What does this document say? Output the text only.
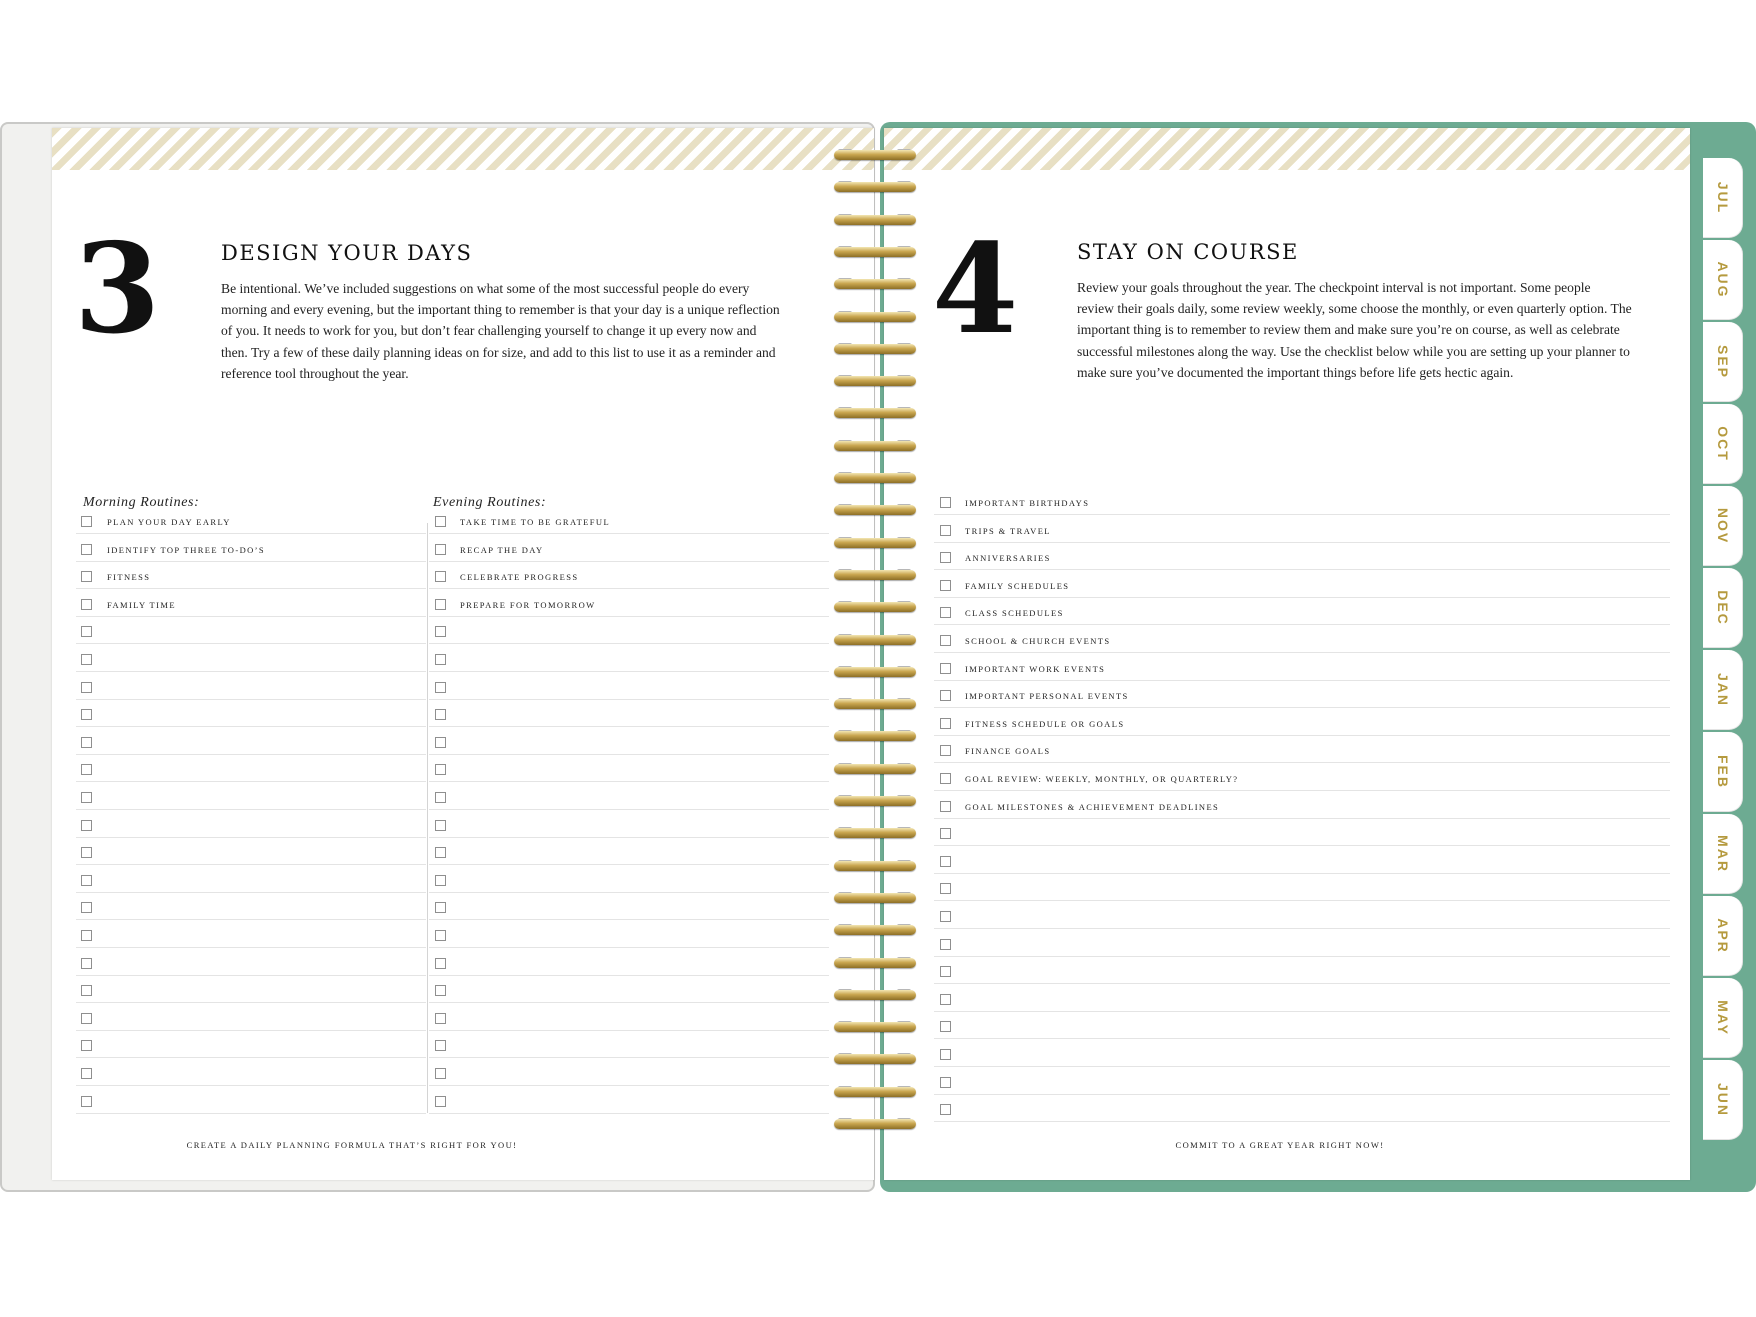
3	DESIGN YOUR DAYS
Be intentional. We’ve included suggestions on what some of the most successful people do every
morning and every evening, but the important thing to remember is that your day is a unique reflection
of you. It needs to work for you, but don’t fear challenging yourself to change it up every now and
then. Try a few of these daily planning ideas on for size, and add to this list to use it as a reminder and
reference tool throughout the year.
Morning Routines:	Evening Routines:
PLAN YOUR DAY EARLY	TAKE TIME TO BE GRATEFUL
IDENTIFY TOP THREE TO-DO’S	RECAP THE DAY
FITNESS	CELEBRATE PROGRESS
FAMILY TIME	PREPARE FOR TOMORROW
CREATE A DAILY PLANNING FORMULA THAT’S RIGHT FOR YOU!
4	STAY ON COURSE
Review your goals throughout the year. The checkpoint interval is not important. Some people
review their goals daily, some review weekly, some choose the monthly, or even quarterly option. The
important thing is to remember to review them and make sure you’re on course, as well as celebrate
successful milestones along the way. Use the checklist below while you are setting up your planner to
make sure you’ve documented the important things before life gets hectic again.
IMPORTANT BIRTHDAYS
TRIPS & TRAVEL
ANNIVERSARIES
FAMILY SCHEDULES
CLASS SCHEDULES
SCHOOL & CHURCH EVENTS
IMPORTANT WORK EVENTS
IMPORTANT PERSONAL EVENTS
FITNESS SCHEDULE OR GOALS
FINANCE GOALS
GOAL REVIEW: WEEKLY, MONTHLY, OR QUARTERLY?
GOAL MILESTONES & ACHIEVEMENT DEADLINES
COMMIT TO A GREAT YEAR RIGHT NOW!
JUL
AUG
SEP
OCT
NOV
DEC
JAN
FEB
MAR
APR
MAY
JUN
